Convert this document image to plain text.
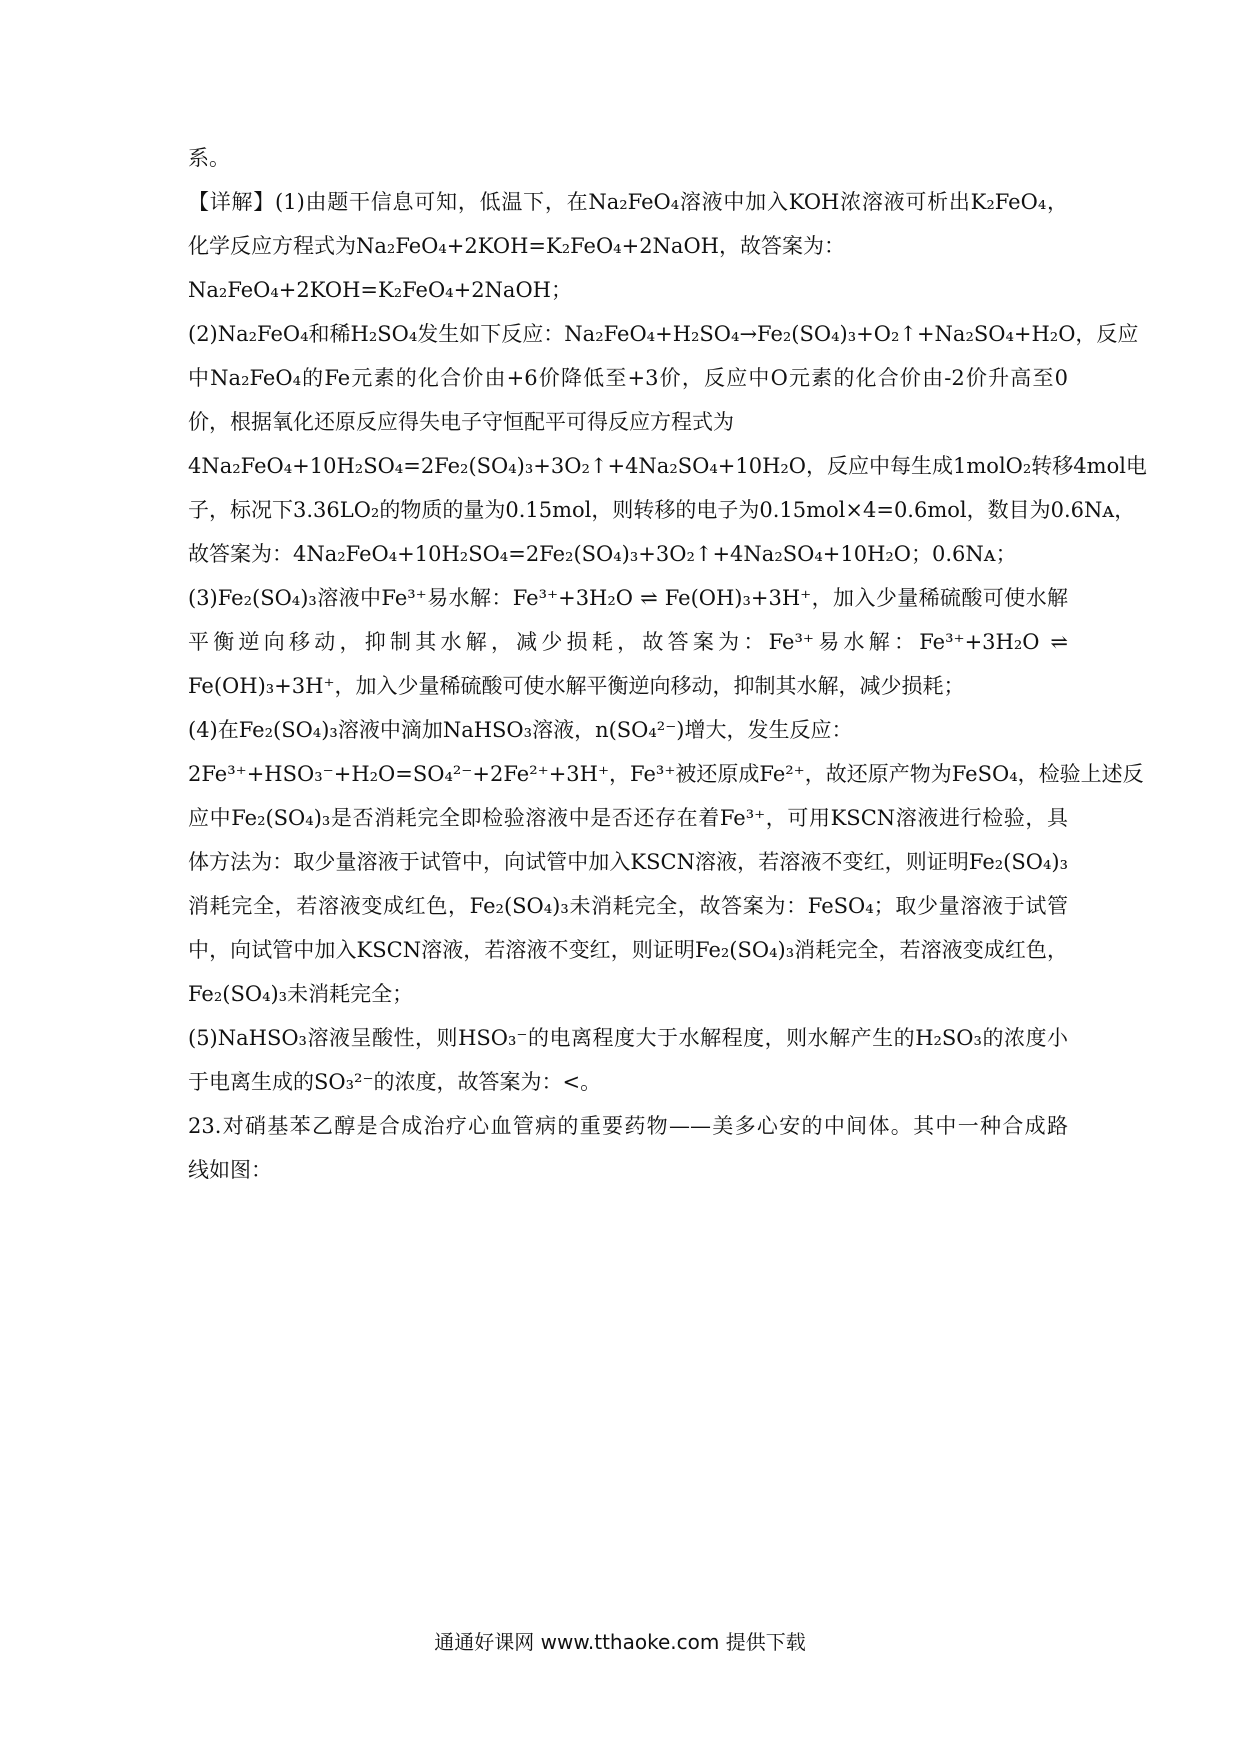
系。
【详解】(1)由题干信息可知，低温下，在Na₂FeO₄溶液中加入KOH浓溶液可析出K₂FeO₄，
化学反应方程式为Na₂FeO₄+2KOH=K₂FeO₄+2NaOH，故答案为：
Na₂FeO₄+2KOH=K₂FeO₄+2NaOH；
(2)Na₂FeO₄和稀H₂SO₄发生如下反应：Na₂FeO₄+H₂SO₄→Fe₂(SO₄)₃+O₂↑+Na₂SO₄+H₂O，反应
中Na₂FeO₄的Fe元素的化合价由+6价降低至+3价，反应中O元素的化合价由-2价升高至0
价，根据氧化还原反应得失电子守恒配平可得反应方程式为
4Na₂FeO₄+10H₂SO₄=2Fe₂(SO₄)₃+3O₂↑+4Na₂SO₄+10H₂O，反应中每生成1molO₂转移4mol电
子，标况下3.36LO₂的物质的量为0.15mol，则转移的电子为0.15mol×4=0.6mol，数目为0.6Nᴀ，
故答案为：4Na₂FeO₄+10H₂SO₄=2Fe₂(SO₄)₃+3O₂↑+4Na₂SO₄+10H₂O；0.6Nᴀ；
(3)Fe₂(SO₄)₃溶液中Fe³⁺易水解：Fe³⁺+3H₂O ⇌ Fe(OH)₃+3H⁺，加入少量稀硫酸可使水解
平衡逆向移动，抑制其水解，减少损耗，故答案为：Fe³⁺易水解：Fe³⁺+3H₂O ⇌
Fe(OH)₃+3H⁺，加入少量稀硫酸可使水解平衡逆向移动，抑制其水解，减少损耗；
(4)在Fe₂(SO₄)₃溶液中滴加NaHSO₃溶液，n(SO₄²⁻)增大，发生反应：
2Fe³⁺+HSO₃⁻+H₂O=SO₄²⁻+2Fe²⁺+3H⁺，Fe³⁺被还原成Fe²⁺，故还原产物为FeSO₄，检验上述反
应中Fe₂(SO₄)₃是否消耗完全即检验溶液中是否还存在着Fe³⁺，可用KSCN溶液进行检验，具
体方法为：取少量溶液于试管中，向试管中加入KSCN溶液，若溶液不变红，则证明Fe₂(SO₄)₃
消耗完全，若溶液变成红色，Fe₂(SO₄)₃未消耗完全，故答案为：FeSO₄；取少量溶液于试管
中，向试管中加入KSCN溶液，若溶液不变红，则证明Fe₂(SO₄)₃消耗完全，若溶液变成红色，
Fe₂(SO₄)₃未消耗完全；
(5)NaHSO₃溶液呈酸性，则HSO₃⁻的电离程度大于水解程度，则水解产生的H₂SO₃的浓度小
于电离生成的SO₃²⁻的浓度，故答案为：<。
23.对硝基苯乙醇是合成治疗心血管病的重要药物——美多心安的中间体。其中一种合成路
线如图：
通通好课网 www.tthaoke.com 提供下载
